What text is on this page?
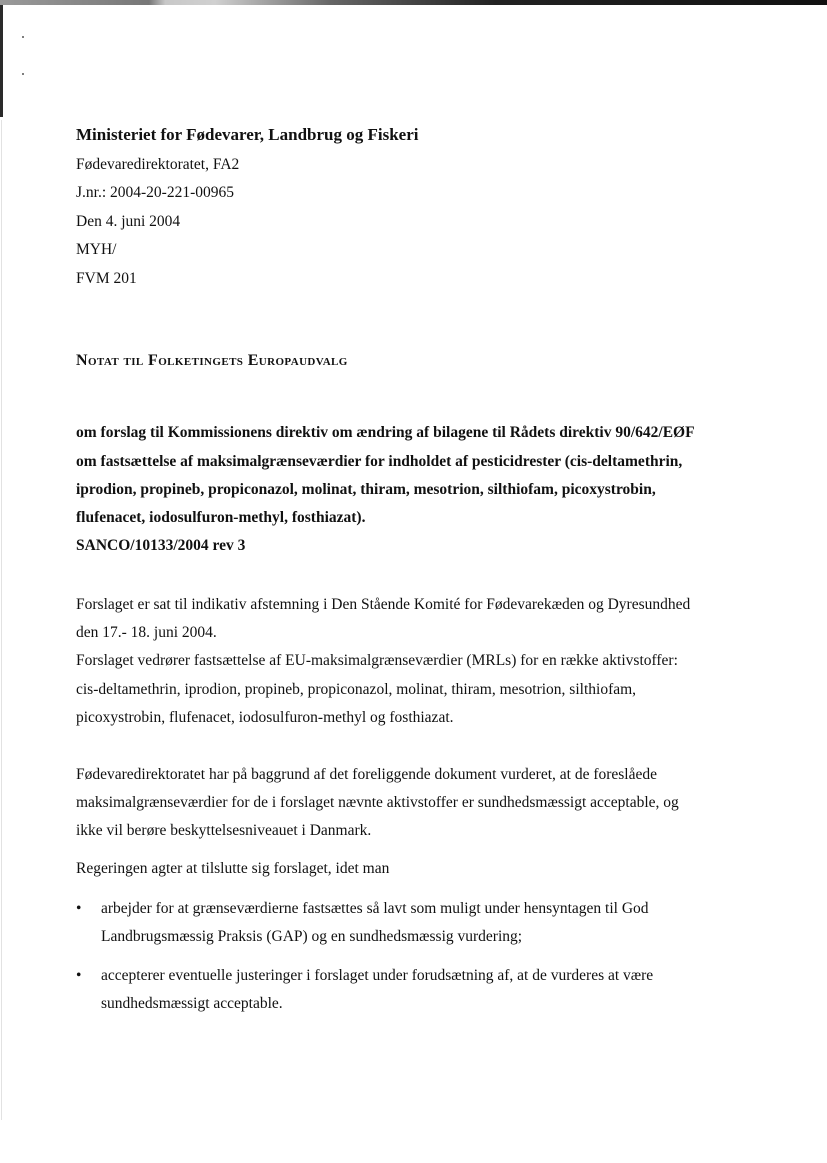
Ministeriet for Fødevarer, Landbrug og Fiskeri
Fødevaredirektoratet, FA2
J.nr.: 2004-20-221-00965
Den 4. juni 2004
MYH/
FVM 201
Notat til Folketingets Europaudvalg
om forslag til Kommissionens direktiv om ændring af bilagene til Rådets direktiv 90/642/EØF
om fastsættelse af maksimalgrænseværdier for indholdet af pesticidrester (cis-deltamethrin,
iprodion, propineb, propiconazol, molinat, thiram, mesotrion, silthiofam, picoxystrobin,
flufenacet, iodosulfuron-methyl, fosthiazat).
SANCO/10133/2004 rev 3
Forslaget er sat til indikativ afstemning i Den Stående Komité for Fødevarekæden og Dyresundhed
den 17.- 18. juni 2004.
Forslaget vedrører fastsættelse af EU-maksimalgrænseværdier (MRLs) for en række aktivstoffer:
cis-deltamethrin, iprodion, propineb, propiconazol, molinat, thiram, mesotrion, silthiofam,
picoxystrobin, flufenacet, iodosulfuron-methyl og fosthiazat.
Fødevaredirektoratet har på baggrund af det foreliggende dokument vurderet, at de foreslåede
maksimalgrænseværdier for de i forslaget nævnte aktivstoffer er sundhedsmæssigt acceptable, og
ikke vil berøre beskyttelsesniveauet i Danmark.
Regeringen agter at tilslutte sig forslaget, idet man
• arbejder for at grænseværdierne fastsættes så lavt som muligt under hensyntagen til God
Landbrugsmæssig Praksis (GAP) og en sundhedsmæssig vurdering;
• accepterer eventuelle justeringer i forslaget under forudsætning af, at de vurderes at være
sundhedsmæssigt acceptable.
